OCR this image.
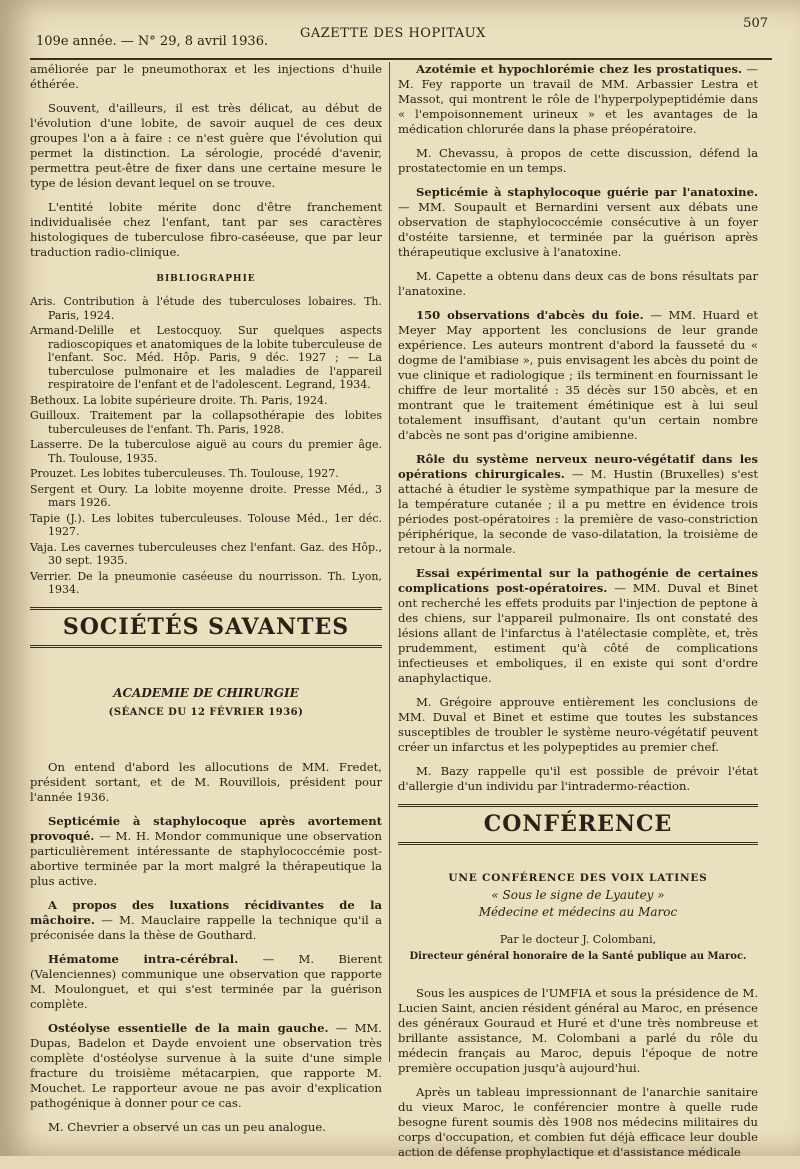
109e année. — N° 29, 8 avril 1936.
GAZETTE DES HOPITAUX
507

améliorée par le pneumothorax et les injections d'huile éthérée.

Souvent, d'ailleurs, il est très délicat, au début de l'évolution d'une lobite, de savoir auquel de ces deux groupes l'on a à faire : ce n'est guère que l'évolution qui permet la distinction. La sérologie, procédé d'avenir, permettra peut-être de fixer dans une certaine mesure le type de lésion devant lequel on se trouve.

L'entité lobite mérite donc d'être franchement individualisée chez l'enfant, tant par ses caractères histologiques de tuberculose fibro-caséeuse, que par leur traduction radio-clinique.

BIBLIOGRAPHIE

Aris. Contribution à l'étude des tuberculoses lobaires. Th. Paris, 1924.

Armand-Delille et Lestocquoy. Sur quelques aspects radioscopiques et anatomiques de la lobite tuberculeuse de l'enfant. Soc. Méd. Hôp. Paris, 9 déc. 1927 ; — La tuberculose pulmonaire et les maladies de l'appareil respiratoire de l'enfant et de l'adolescent. Legrand, 1934.

Bethoux. La lobite supérieure droite. Th. Paris, 1924.

Guilloux. Traitement par la collapsothérapie des lobites tuberculeuses de l'enfant. Th. Paris, 1928.

Lasserre. De la tuberculose aiguë au cours du premier âge. Th. Toulouse, 1935.

Prouzet. Les lobites tuberculeuses. Th. Toulouse, 1927.

Sergent et Oury. La lobite moyenne droite. Presse Méd., 3 mars 1926.

Tapie (J.). Les lobites tuberculeuses. Tolouse Méd., 1er déc. 1927.

Vaja. Les cavernes tuberculeuses chez l'enfant. Gaz. des Hôp., 30 sept. 1935.

Verrier. De la pneumonie caséeuse du nourrisson. Th. Lyon, 1934.

SOCIÉTÉS SAVANTES
ACADEMIE DE CHIRURGIE
(SÉANCE DU 12 FÉVRIER 1936)

On entend d'abord les allocutions de MM. Fredet, président sortant, et de M. Rouvillois, président pour l'année 1936.

Septicémie à staphylocoque après avortement provoqué. — M. H. Mondor communique une observation particulièrement intéressante de staphylococcémie post-abortive terminée par la mort malgré la thérapeutique la plus active.

A propos des luxations récidivantes de la mâchoire. — M. Mauclaire rappelle la technique qu'il a préconisée dans la thèse de Gouthard.

Hématome intra-cérébral. — M. Bierent (Valenciennes) communique une observation que rapporte M. Moulonguet, et qui s'est terminée par la guérison complète.

Ostéolyse essentielle de la main gauche. — MM. Dupas, Badelon et Dayde envoient une observation très complète d'ostéolyse survenue à la suite d'une simple fracture du troisième métacarpien, que rapporte M. Mouchet. Le rapporteur avoue ne pas avoir d'explication pathogénique à donner pour ce cas.

M. Chevrier a observé un cas un peu analogue.

Azotémie et hypochlorémie chez les prostatiques. — M. Fey rapporte un travail de MM. Arbassier Lestra et Massot, qui montrent le rôle de l'hyperpolypeptidémie dans « l'empoisonnement urineux » et les avantages de la médication chlorurée dans la phase préopératoire.

M. Chevassu, à propos de cette discussion, défend la prostatectomie en un temps.

Septicémie à staphylocoque guérie par l'anatoxine. — MM. Soupault et Bernardini versent aux débats une observation de staphylococcémie consécutive à un foyer d'ostéite tarsienne, et terminée par la guérison après thérapeutique exclusive à l'anatoxine.

M. Capette a obtenu dans deux cas de bons résultats par l'anatoxine.

150 observations d'abcès du foie. — MM. Huard et Meyer May apportent les conclusions de leur grande expérience. Les auteurs montrent d'abord la fausseté du « dogme de l'amibiase », puis envisagent les abcès du point de vue clinique et radiologique ; ils terminent en fournissant le chiffre de leur mortalité : 35 décès sur 150 abcès, et en montrant que le traitement émétinique est à lui seul totalement insuffisant, d'autant qu'un certain nombre d'abcès ne sont pas d'origine amibienne.

Rôle du système nerveux neuro-végétatif dans les opérations chirurgicales. — M. Hustin (Bruxelles) s'est attaché à étudier le système sympathique par la mesure de la température cutanée ; il a pu mettre en évidence trois périodes post-opératoires : la première de vaso-constriction périphérique, la seconde de vaso-dilatation, la troisième de retour à la normale.

Essai expérimental sur la pathogénie de certaines complications post-opératoires. — MM. Duval et Binet ont recherché les effets produits par l'injection de peptone à des chiens, sur l'appareil pulmonaire. Ils ont constaté des lésions allant de l'infarctus à l'atélectasie complète, et, très prudemment, estiment qu'à côté de complications infectieuses et emboliques, il en existe qui sont d'ordre anaphylactique.

M. Grégoire approuve entièrement les conclusions de MM. Duval et Binet et estime que toutes les substances susceptibles de troubler le système neuro-végétatif peuvent créer un infarctus et les polypeptides au premier chef.

M. Bazy rappelle qu'il est possible de prévoir l'état d'allergie d'un individu par l'intradermo-réaction.

CONFÉRENCE
UNE CONFÉRENCE DES VOIX LATINES
« Sous le signe de Lyautey »
Médecine et médecins au Maroc
Par le docteur J. Colombani,
Directeur général honoraire de la Santé publique au Maroc.

Sous les auspices de l'UMFIA et sous la présidence de M. Lucien Saint, ancien résident général au Maroc, en présence des généraux Gouraud et Huré et d'une très nombreuse et brillante assistance, M. Colombani a parlé du rôle du médecin français au Maroc, depuis l'époque de notre première occupation jusqu'à aujourd'hui.

Après un tableau impressionnant de l'anarchie sanitaire du vieux Maroc, le conférencier montre à quelle rude besogne furent soumis dès 1908 nos médecins militaires du corps d'occupation, et combien fut déjà efficace leur double action de défense prophylactique et d'assistance médicale
